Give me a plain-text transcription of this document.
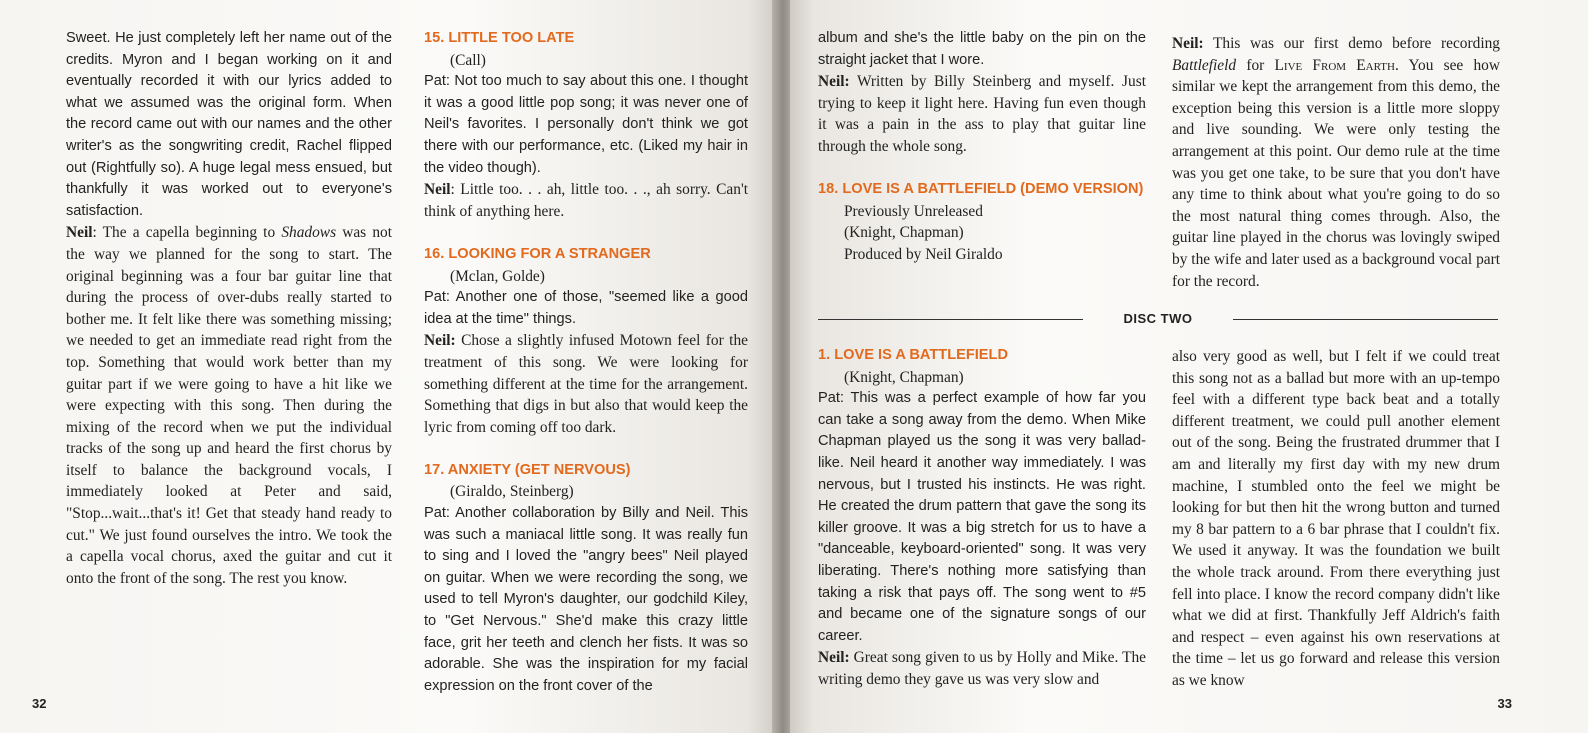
Sweet. He just completely left her name out of the credits. Myron and I began working on it and eventually recorded it with our lyrics added to what we assumed was the original form. When the record came out with our names and the other writer's as the songwriting credit, Rachel flipped out (Rightfully so). A huge legal mess ensued, but thankfully it was worked out to everyone's satisfaction.

Neil: The a capella beginning to Shadows was not the way we planned for the song to start. The original beginning was a four bar guitar line that during the process of over-dubs really started to bother me. It felt like there was something missing; we needed to get an immediate read right from the top. Something that would work better than my guitar part if we were going to have a hit like we were expecting with this song. Then during the mixing of the record when we put the individual tracks of the song up and heard the first chorus by itself to balance the background vocals, I immediately looked at Peter and said, "Stop...wait...that's it! Get that steady hand ready to cut." We just found ourselves the intro. We took the a capella vocal chorus, axed the guitar and cut it onto the front of the song. The rest you know.

15. LITTLE TOO LATE

(Call)

Pat: Not too much to say about this one. I thought it was a good little pop song; it was never one of Neil's favorites. I personally don't think we got there with our performance, etc. (Liked my hair in the video though).

Neil: Little too. . . ah, little too. . ., ah sorry. Can't think of anything here.

16. LOOKING FOR A STRANGER

(Mclan, Golde)

Pat: Another one of those, "seemed like a good idea at the time" things.

Neil: Chose a slightly infused Motown feel for the treatment of this song. We were looking for something different at the time for the arrangement. Something that digs in but also that would keep the lyric from coming off too dark.

17. ANXIETY (GET NERVOUS)

(Giraldo, Steinberg)

Pat: Another collaboration by Billy and Neil. This was such a maniacal little song. It was really fun to sing and I loved the "angry bees" Neil played on guitar. When we were recording the song, we used to tell Myron's daughter, our godchild Kiley, to "Get Nervous." She'd make this crazy little face, grit her teeth and clench her fists. It was so adorable. She was the inspiration for my facial expression on the front cover of the

32	33

album and she's the little baby on the pin on the straight jacket that I wore.

Neil: Written by Billy Steinberg and myself. Just trying to keep it light here. Having fun even though it was a pain in the ass to play that guitar line through the whole song.

18. LOVE IS A BATTLEFIELD (DEMO VERSION)

Previously Unreleased

(Knight, Chapman)

Produced by Neil Giraldo

Neil: This was our first demo before recording Battlefield for Live From Earth. You see how similar we kept the arrangement from this demo, the exception being this version is a little more sloppy and live sounding. We were only testing the arrangement at this point. Our demo rule at the time was you get one take, to be sure that you don't have any time to think about what you're going to do so the most natural thing comes through. Also, the guitar line played in the chorus was lovingly swiped by the wife and later used as a background vocal part for the record.

DISC TWO

1. LOVE IS A BATTLEFIELD

(Knight, Chapman)

Pat: This was a perfect example of how far you can take a song away from the demo. When Mike Chapman played us the song it was very ballad-like. Neil heard it another way immediately. I was nervous, but I trusted his instincts. He was right. He created the drum pattern that gave the song its killer groove. It was a big stretch for us to have a "danceable, keyboard-oriented" song. It was very liberating. There's nothing more satisfying than taking a risk that pays off. The song went to #5 and became one of the signature songs of our career.

Neil: Great song given to us by Holly and Mike. The writing demo they gave us was very slow and

also very good as well, but I felt if we could treat this song not as a ballad but more with an up-tempo feel with a different type back beat and a totally different treatment, we could pull another element out of the song. Being the frustrated drummer that I am and literally my first day with my new drum machine, I stumbled onto the feel we might be looking for but then hit the wrong button and turned my 8 bar pattern to a 6 bar phrase that I couldn't fix. We used it anyway. It was the foundation we built the whole track around. From there everything just fell into place. I know the record company didn't like what we did at first. Thankfully Jeff Aldrich's faith and respect – even against his own reservations at the time – let us go forward and release this version as we know
